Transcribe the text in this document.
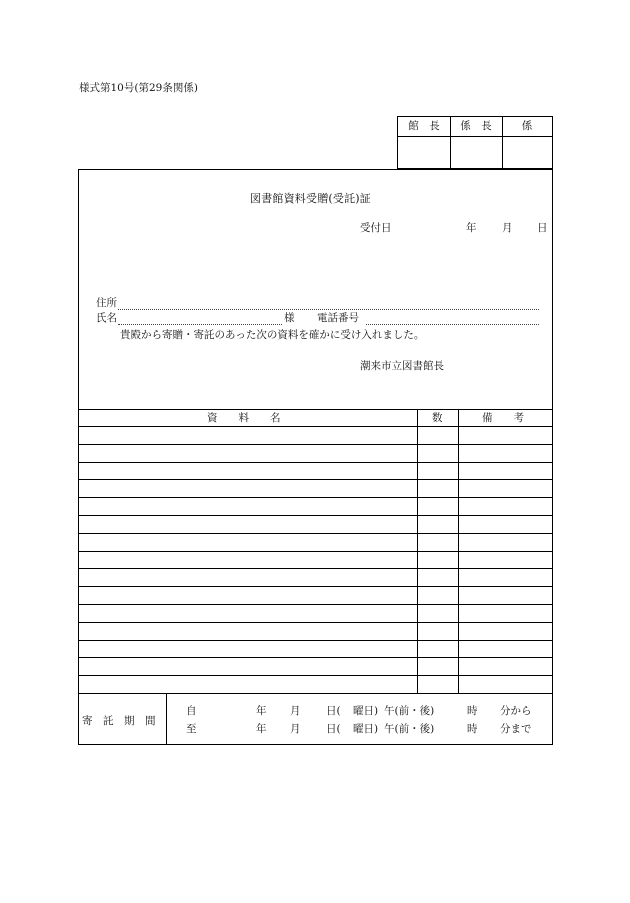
様式第10号(第29条関係)
館　長	係　長	係
図書館資料受贈(受託)証
受付日	年 月 日
住所
氏名	様 電話番号
貴殿から寄贈・寄託のあった次の資料を確かに受け入れました。
潮来市立図書館長
資　　料　　名	数	備　　考
寄　託　期　間
自	年 月 日( 曜日) 午(前・後)	時 分から
至	年 月 日( 曜日) 午(前・後)	時 分まで
